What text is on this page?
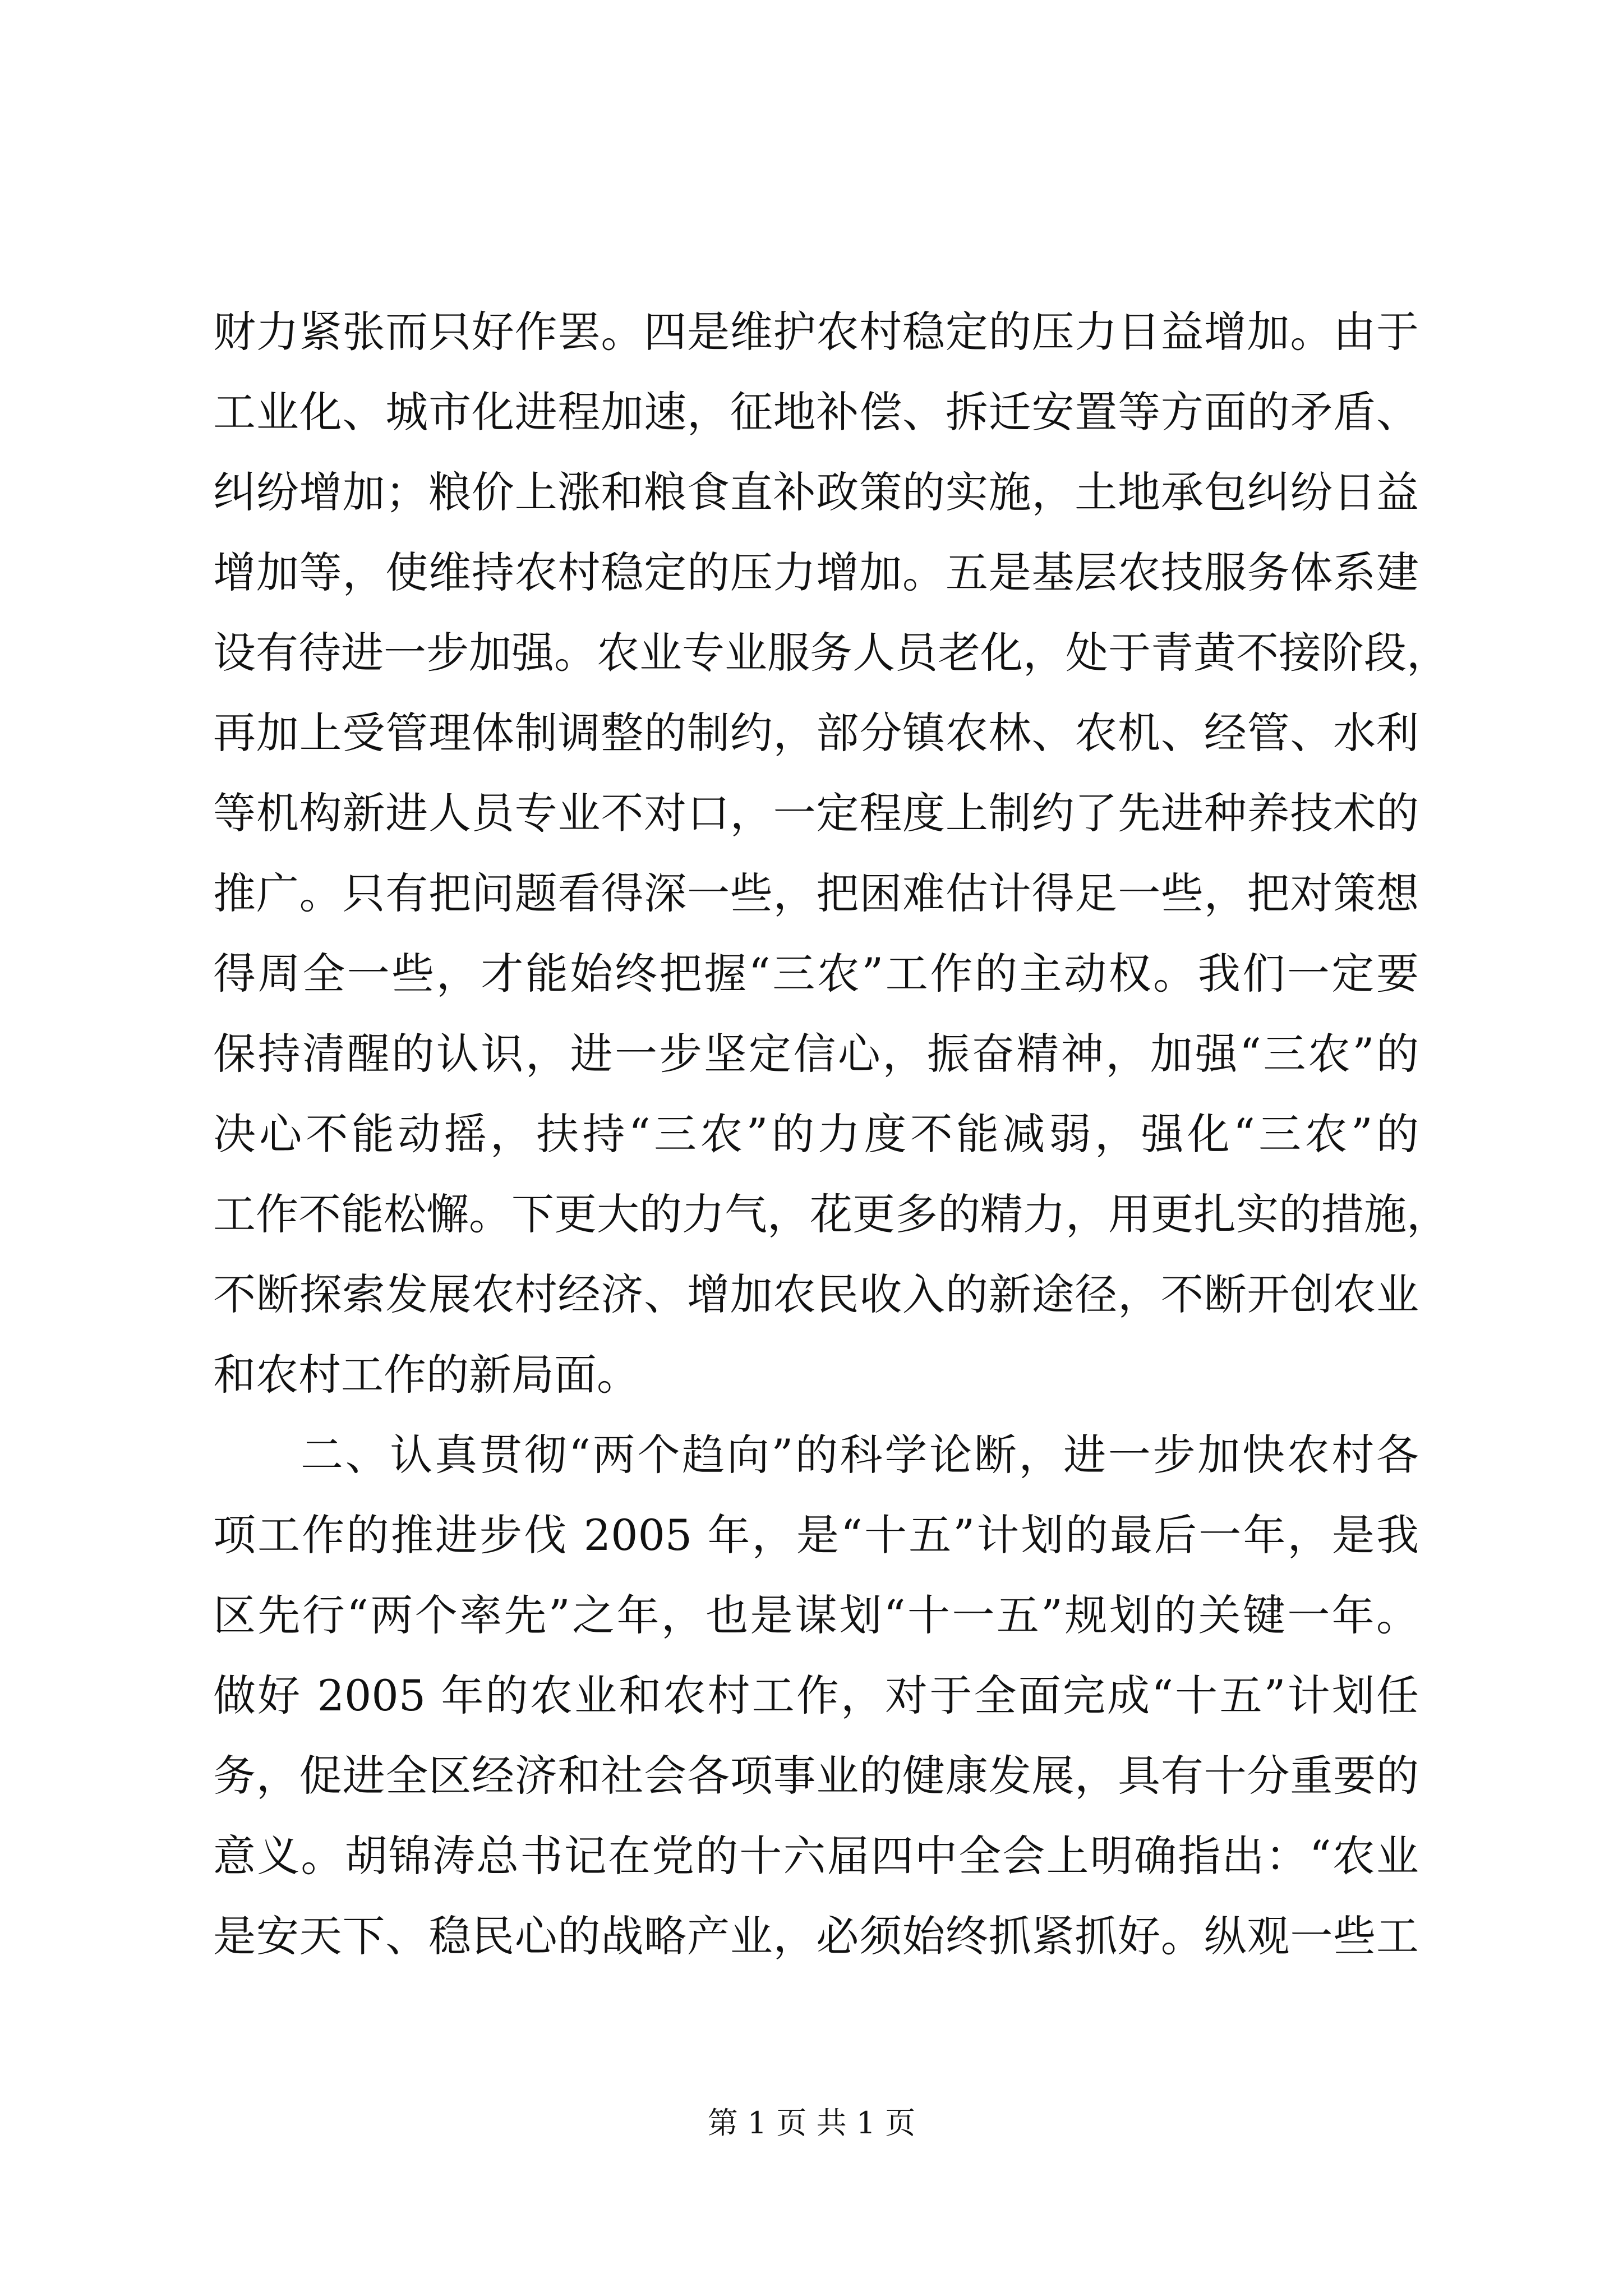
财力紧张而只好作罢。四是维护农村稳定的压力日益增加。由于
工业化、城市化进程加速，征地补偿、拆迁安置等方面的矛盾、
纠纷增加；粮价上涨和粮食直补政策的实施，土地承包纠纷日益
增加等，使维持农村稳定的压力增加。五是基层农技服务体系建
设有待进一步加强。农业专业服务人员老化，处于青黄不接阶段，
再加上受管理体制调整的制约，部分镇农林、农机、经管、水利
等机构新进人员专业不对口，一定程度上制约了先进种养技术的
推广。只有把问题看得深一些，把困难估计得足一些，把对策想
得周全一些，才能始终把握“三农”工作的主动权。我们一定要
保持清醒的认识，进一步坚定信心，振奋精神，加强“三农”的
决心不能动摇，扶持“三农”的力度不能减弱，强化“三农”的
工作不能松懈。下更大的力气，花更多的精力，用更扎实的措施，
不断探索发展农村经济、增加农民收入的新途径，不断开创农业
和农村工作的新局面。
二、认真贯彻“两个趋向”的科学论断，进一步加快农村各
项工作的推进步伐 2005 年，是“十五”计划的最后一年，是我
区先行“两个率先”之年，也是谋划“十一五”规划的关键一年。
做好 2005 年的农业和农村工作，对于全面完成“十五”计划任
务，促进全区经济和社会各项事业的健康发展，具有十分重要的
意义。胡锦涛总书记在党的十六届四中全会上明确指出：“农业
是安天下、稳民心的战略产业，必须始终抓紧抓好。纵观一些工
第 1 页 共 1 页
